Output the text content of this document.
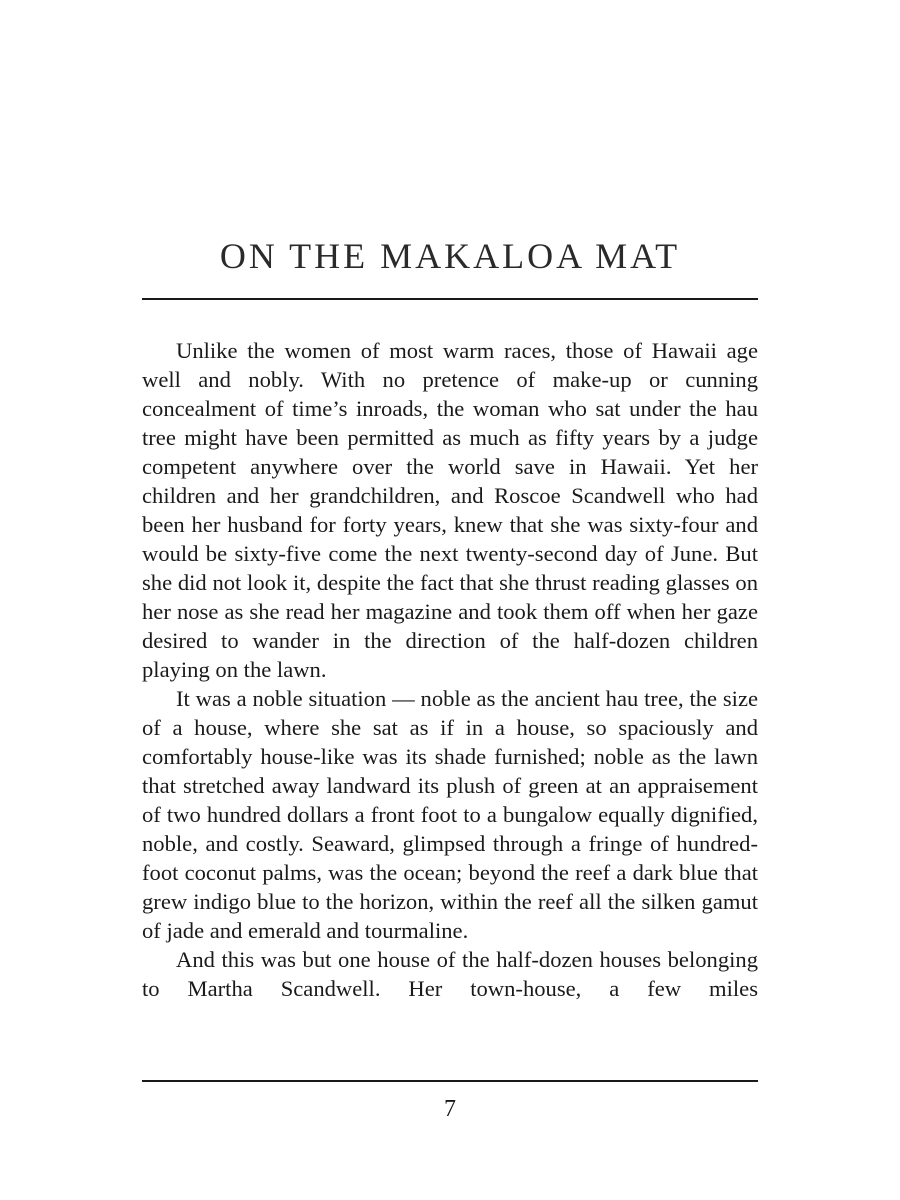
ON THE MAKALOA MAT

Unlike the women of most warm races, those of Hawaii age well and nobly. With no pretence of make-up or cunning concealment of time’s inroads, the woman who sat under the hau tree might have been permitted as much as fifty years by a judge competent anywhere over the world save in Hawaii. Yet her children and her grandchildren, and Roscoe Scandwell who had been her husband for forty years, knew that she was sixty-four and would be sixty-five come the next twenty-second day of June. But she did not look it, despite the fact that she thrust reading glasses on her nose as she read her magazine and took them off when her gaze desired to wander in the direction of the half-dozen children playing on the lawn.

It was a noble situation — noble as the ancient hau tree, the size of a house, where she sat as if in a house, so spaciously and comfortably house-like was its shade furnished; noble as the lawn that stretched away landward its plush of green at an appraisement of two hundred dollars a front foot to a bungalow equally dignified, noble, and costly. Seaward, glimpsed through a fringe of hundred-foot coconut palms, was the ocean; beyond the reef a dark blue that grew indigo blue to the horizon, within the reef all the silken gamut of jade and emerald and tourmaline.

And this was but one house of the half-dozen houses belonging to Martha Scandwell. Her town-house, a few miles

7
